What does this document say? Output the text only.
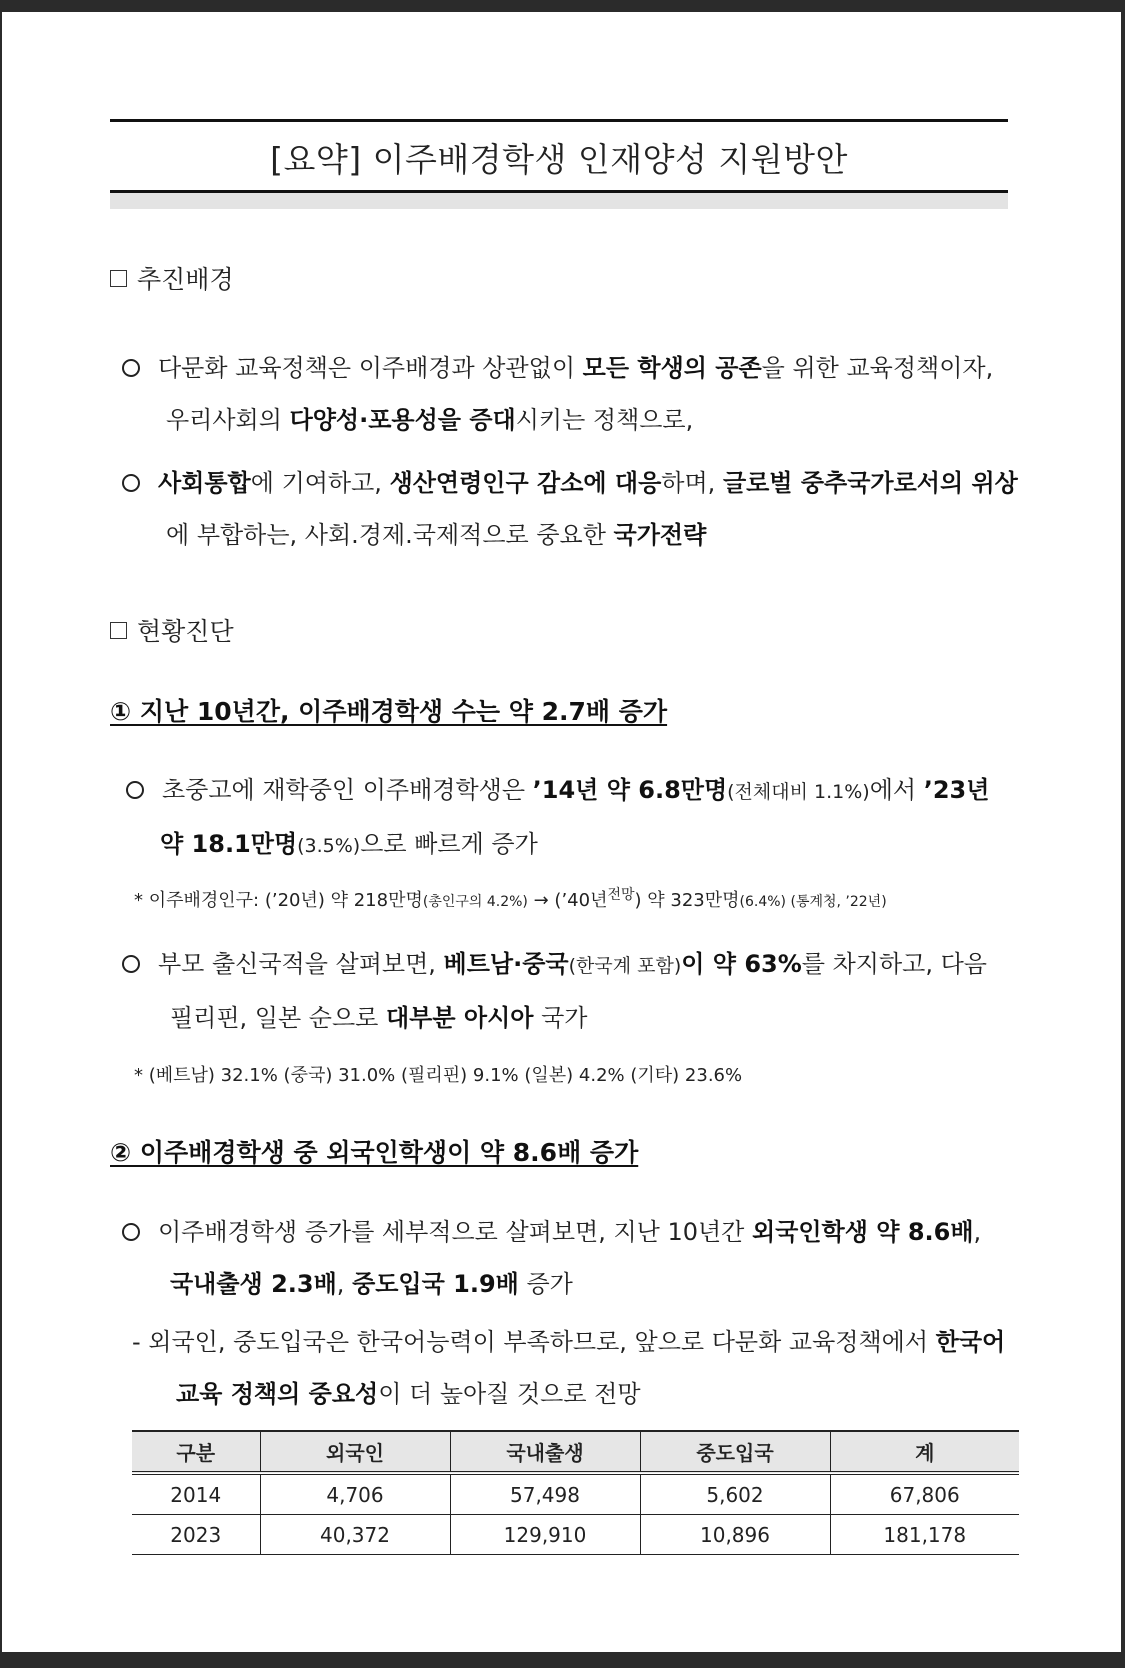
[요약] 이주배경학생 인재양성 지원방안
추진배경
다문화 교육정책은 이주배경과 상관없이 모든 학생의 공존을 위한 교육정책이자,
우리사회의 다양성·포용성을 증대시키는 정책으로,
사회통합에 기여하고, 생산연령인구 감소에 대응하며, 글로벌 중추국가로서의 위상
에 부합하는, 사회.경제.국제적으로 중요한 국가전략
현황진단
① 지난 10년간, 이주배경학생 수는 약 2.7배 증가
초중고에 재학중인 이주배경학생은 ’14년 약 6.8만명(전체대비 1.1%)에서 ’23년
약 18.1만명(3.5%)으로 빠르게 증가
* 이주배경인구: (’20년) 약 218만명(총인구의 4.2%) → (’40년$^{전망}$) 약 323만명(6.4%) (통계청, ’22년)
부모 출신국적을 살펴보면, 베트남·중국(한국계 포함)이 약 63%를 차지하고, 다음
필리핀, 일본 순으로 대부분 아시아 국가
* (베트남) 32.1% (중국) 31.0% (필리핀) 9.1% (일본) 4.2% (기타) 23.6%
② 이주배경학생 중 외국인학생이 약 8.6배 증가
이주배경학생 증가를 세부적으로 살펴보면, 지난 10년간 외국인학생 약 8.6배,
국내출생 2.3배, 중도입국 1.9배 증가
- 외국인, 중도입국은 한국어능력이 부족하므로, 앞으로 다문화 교육정책에서 한국어
교육 정책의 중요성이 더 높아질 것으로 전망
구분	외국인	국내출생	중도입국	계
2014	4,706	57,498	5,602	67,806
2023	40,372	129,910	10,896	181,178
